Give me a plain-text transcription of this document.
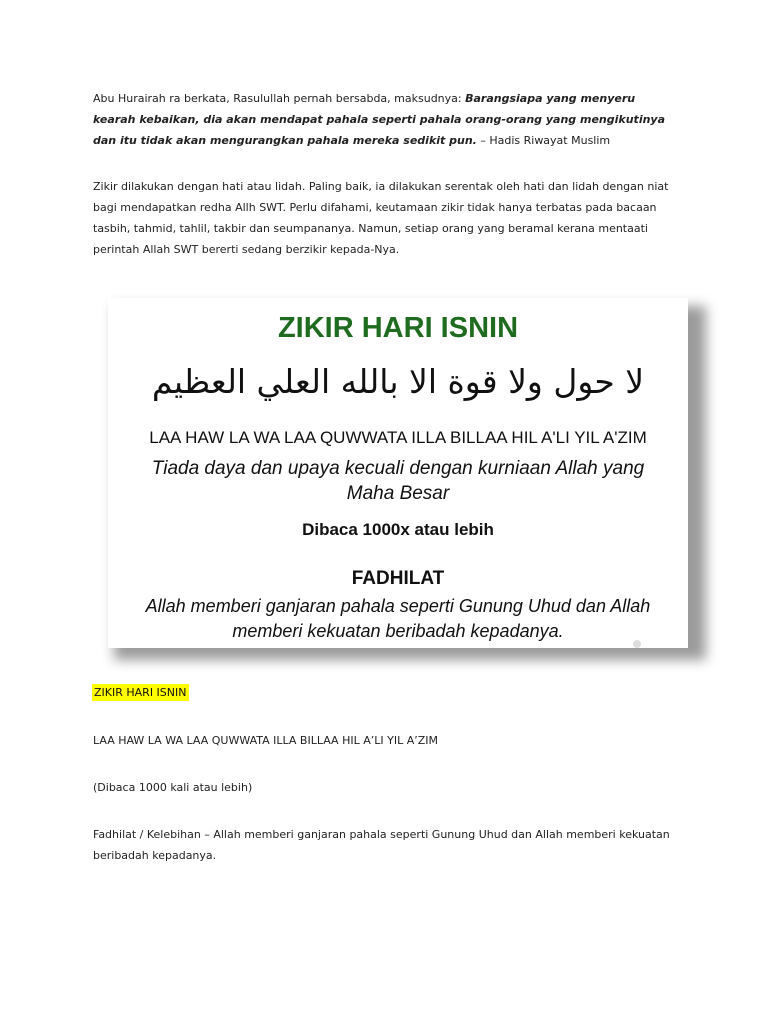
Abu Hurairah ra berkata, Rasulullah pernah bersabda, maksudnya: Barangsiapa yang menyeru kearah kebaikan, dia akan mendapat pahala seperti pahala orang-orang yang mengikutinya dan itu tidak akan mengurangkan pahala mereka sedikit pun. – Hadis Riwayat Muslim
Zikir dilakukan dengan hati atau lidah. Paling baik, ia dilakukan serentak oleh hati dan lidah dengan niat bagi mendapatkan redha Allh SWT. Perlu difahami, keutamaan zikir tidak hanya terbatas pada bacaan tasbih, tahmid, tahlil, takbir dan seumpananya. Namun, setiap orang yang beramal kerana mentaati perintah Allah SWT bererti sedang berzikir kepada-Nya.
ZIKIR HARI ISNIN
لا حول ولا قوة الا بالله العلي العظيم
LAA HAW LA WA LAA QUWWATA ILLA BILLAA HIL A'LI YIL A'ZIM
Tiada daya dan upaya kecuali dengan kurniaan Allah yang Maha Besar
Dibaca 1000x atau lebih
FADHILAT
Allah memberi ganjaran pahala seperti Gunung Uhud dan Allah memberi kekuatan beribadah kepadanya.
ZIKIR HARI ISNIN
LAA HAW LA WA LAA QUWWATA ILLA BILLAA HIL A’LI YIL A’ZIM
(Dibaca 1000 kali atau lebih)
Fadhilat / Kelebihan – Allah memberi ganjaran pahala seperti Gunung Uhud dan Allah memberi kekuatan beribadah kepadanya.
